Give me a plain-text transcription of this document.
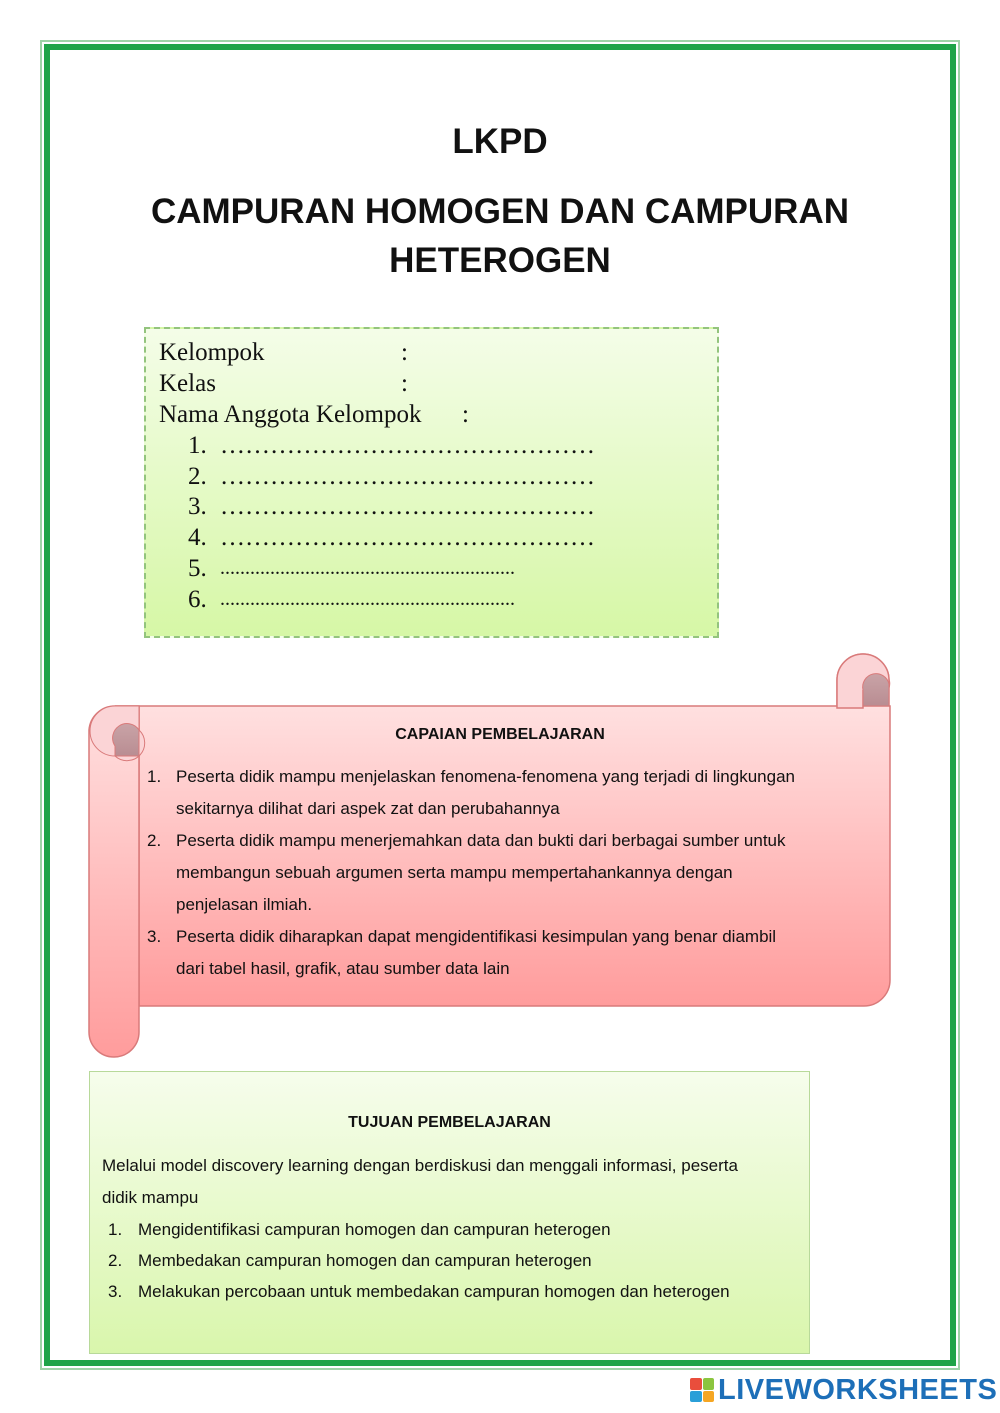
LKPD
CAMPURAN HOMOGEN DAN CAMPURAN
HETEROGEN
Kelompok	:
Kelas	:
Nama Anggota Kelompok :
1. ………………………………………
2. ………………………………………
3. ………………………………………
4. ………………………………………
5. ...........................................................
6. ...........................................................
CAPAIAN PEMBELAJARAN
1. Peserta didik mampu menjelaskan fenomena-fenomena yang terjadi di lingkungan
sekitarnya dilihat dari aspek zat dan perubahannya
2. Peserta didik mampu menerjemahkan data dan bukti dari berbagai sumber untuk
membangun sebuah argumen serta mampu mempertahankannya dengan
penjelasan ilmiah.
3. Peserta didik diharapkan dapat mengidentifikasi kesimpulan yang benar diambil
dari tabel hasil, grafik, atau sumber data lain
TUJUAN PEMBELAJARAN
Melalui model discovery learning dengan berdiskusi dan menggali informasi, peserta
didik mampu
1. Mengidentifikasi campuran homogen dan campuran heterogen
2. Membedakan campuran homogen dan campuran heterogen
3. Melakukan percobaan untuk membedakan campuran homogen dan heterogen
LIVEWORKSHEETS
